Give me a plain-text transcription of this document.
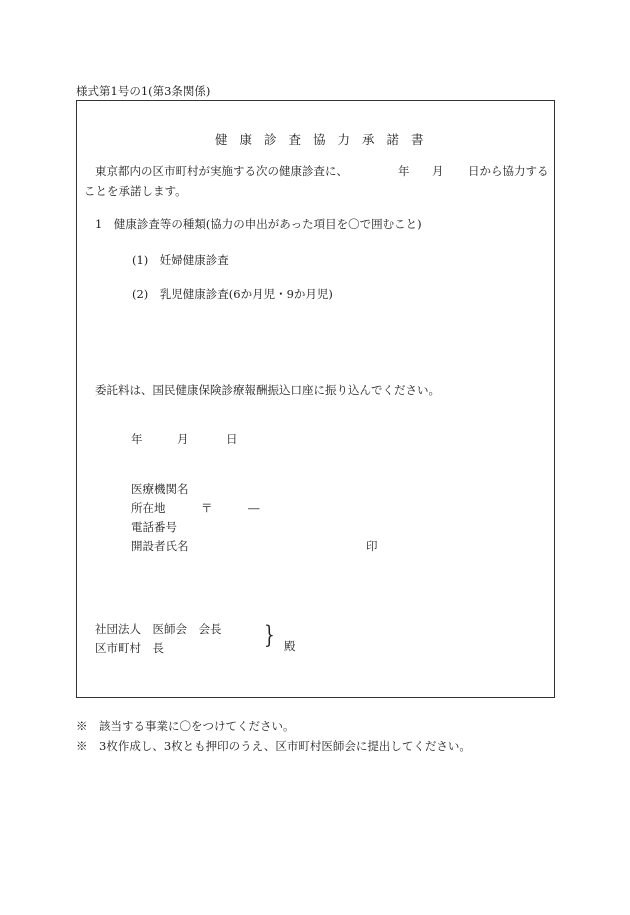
様式第1号の1(第3条関係)
健康診査協力承諾書
東京都内の区市町村が実施する次の健康診査に、	年 月 日から協力する
ことを承諾します。
1　健康診査等の種類(協力の申出があった項目を〇で囲むこと)
(1)　妊婦健康診査
(2)　乳児健康診査(6か月児・9か月児)
委託料は、国民健康保険診療報酬振込口座に振り込んでください。
年	月	日
医療機関名
所在地	〒	―
電話番号
開設者氏名	印
社団法人　医師会　会長
区市町村　長	} 殿
※　該当する事業に〇をつけてください。
※　3枚作成し、3枚とも押印のうえ、区市町村医師会に提出してください。
